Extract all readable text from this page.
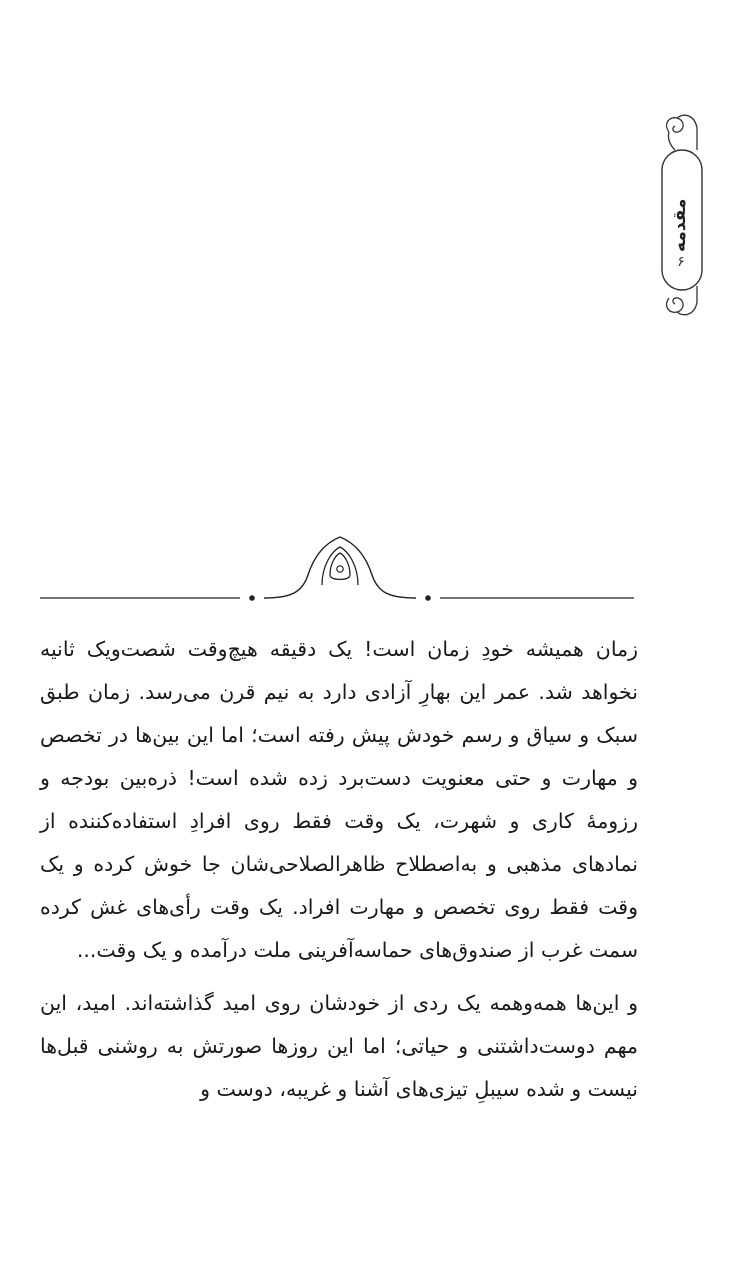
مقدمه
۶

زمان همیشه خودِ زمان است! یک دقیقه هیچ‌وقت شصت‌ویک ثانیه نخواهد شد. عمر این بهارِ آزادی دارد به نیم قرن می‌رسد. زمان طبق سبک و سیاق و رسم خودش پیش رفته است؛ اما این بین‌ها در تخصص و مهارت و حتی معنویت دست‌برد زده شده است! ذره‌بین بودجه و رزومهٔ کاری و شهرت، یک وقت فقط روی افرادِ استفاده‌کننده از نمادهای مذهبی و به‌اصطلاح ظاهرالصلاحی‌شان جا خوش کرده و یک وقت فقط روی تخصص و مهارت افراد. یک وقت رأی‌های غش کرده سمت غرب از صندوق‌های حماسه‌آفرینی ملت درآمده و یک وقت...

و این‌ها همه‌وهمه یک ردی از خودشان روی امید گذاشته‌اند. امید، این مهم دوست‌داشتنی و حیاتی؛ اما این روزها صورتش به روشنی قبل‌ها نیست و شده سیبلِ تیزی‌های آشنا و غریبه، دوست و
